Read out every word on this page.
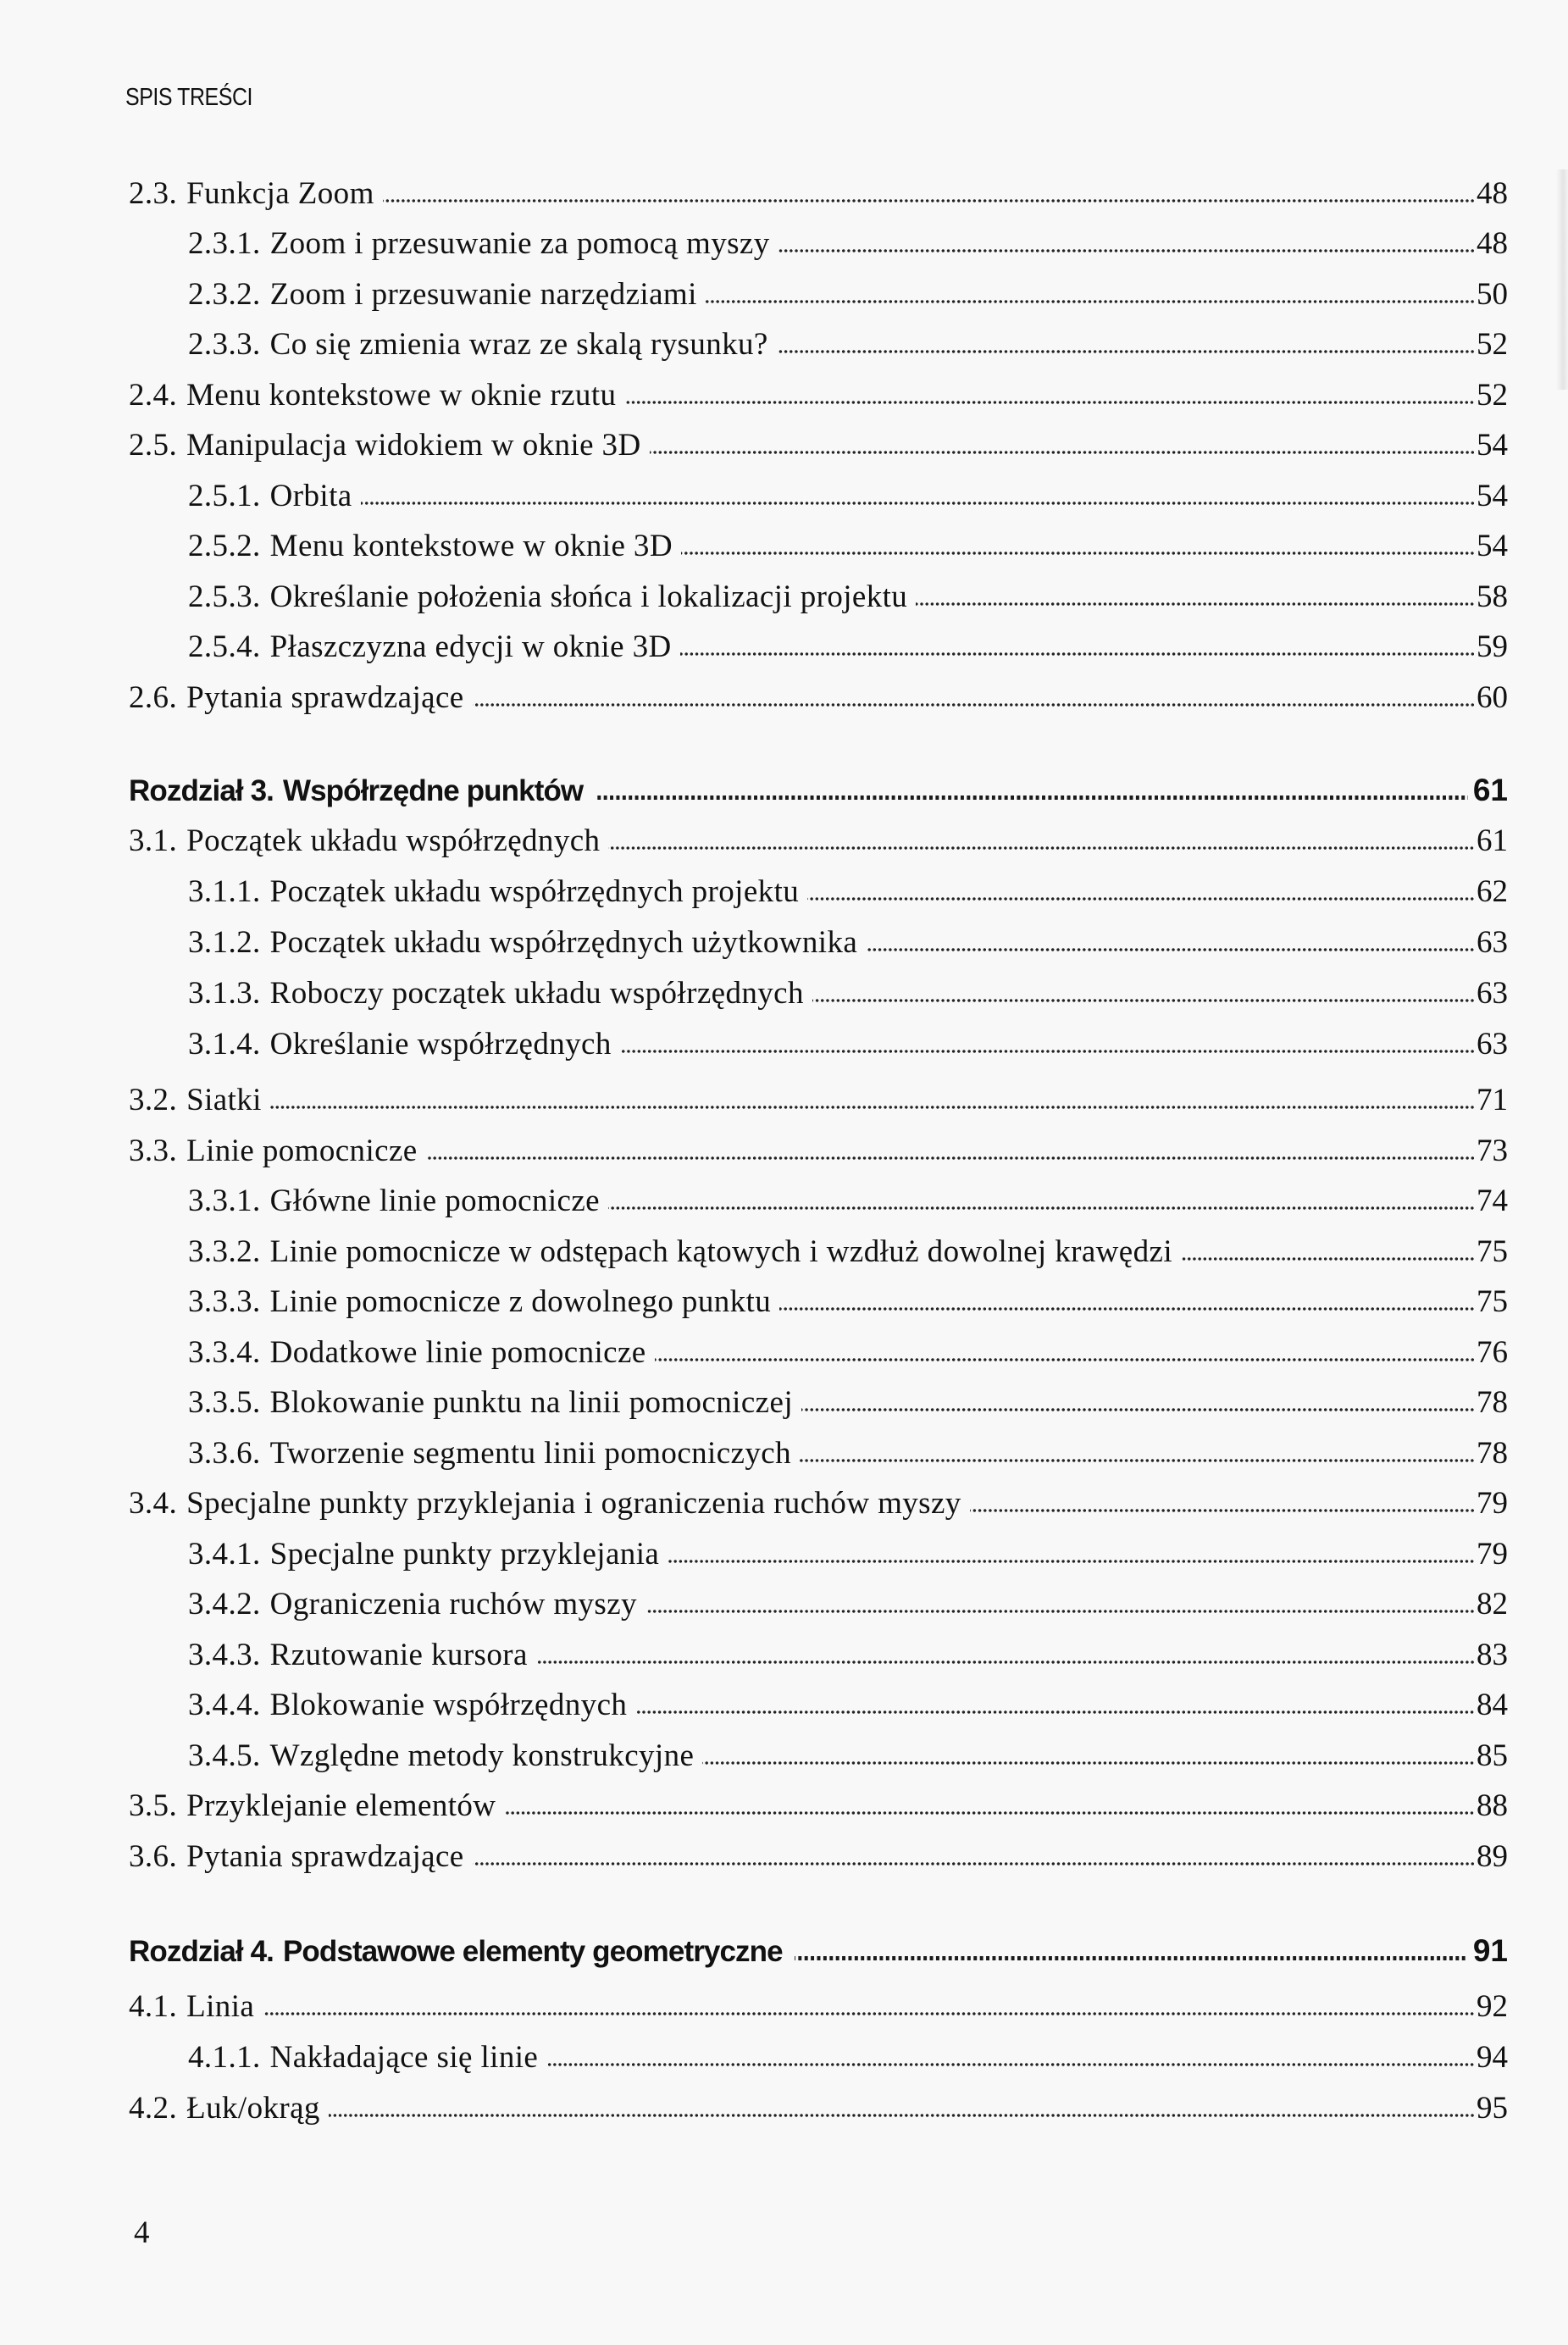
SPIS TREŚCI
2.3. Funkcja Zoom	48
2.3.1. Zoom i przesuwanie za pomocą myszy	48
2.3.2. Zoom i przesuwanie narzędziami	50
2.3.3. Co się zmienia wraz ze skalą rysunku?	52
2.4. Menu kontekstowe w oknie rzutu	52
2.5. Manipulacja widokiem w oknie 3D	54
2.5.1. Orbita	54
2.5.2. Menu kontekstowe w oknie 3D	54
2.5.3. Określanie położenia słońca i lokalizacji projektu	58
2.5.4. Płaszczyzna edycji w oknie 3D	59
2.6. Pytania sprawdzające	60
Rozdział 3. Współrzędne punktów	61
3.1. Początek układu współrzędnych	61
3.1.1. Początek układu współrzędnych projektu	62
3.1.2. Początek układu współrzędnych użytkownika	63
3.1.3. Roboczy początek układu współrzędnych	63
3.1.4. Określanie współrzędnych	63
3.2. Siatki	71
3.3. Linie pomocnicze	73
3.3.1. Główne linie pomocnicze	74
3.3.2. Linie pomocnicze w odstępach kątowych i wzdłuż dowolnej krawędzi	75
3.3.3. Linie pomocnicze z dowolnego punktu	75
3.3.4. Dodatkowe linie pomocnicze	76
3.3.5. Blokowanie punktu na linii pomocniczej	78
3.3.6. Tworzenie segmentu linii pomocniczych	78
3.4. Specjalne punkty przyklejania i ograniczenia ruchów myszy	79
3.4.1. Specjalne punkty przyklejania	79
3.4.2. Ograniczenia ruchów myszy	82
3.4.3. Rzutowanie kursora	83
3.4.4. Blokowanie współrzędnych	84
3.4.5. Względne metody konstrukcyjne	85
3.5. Przyklejanie elementów	88
3.6. Pytania sprawdzające	89
Rozdział 4. Podstawowe elementy geometryczne	91
4.1. Linia	92
4.1.1. Nakładające się linie	94
4.2. Łuk/okrąg	95
4
